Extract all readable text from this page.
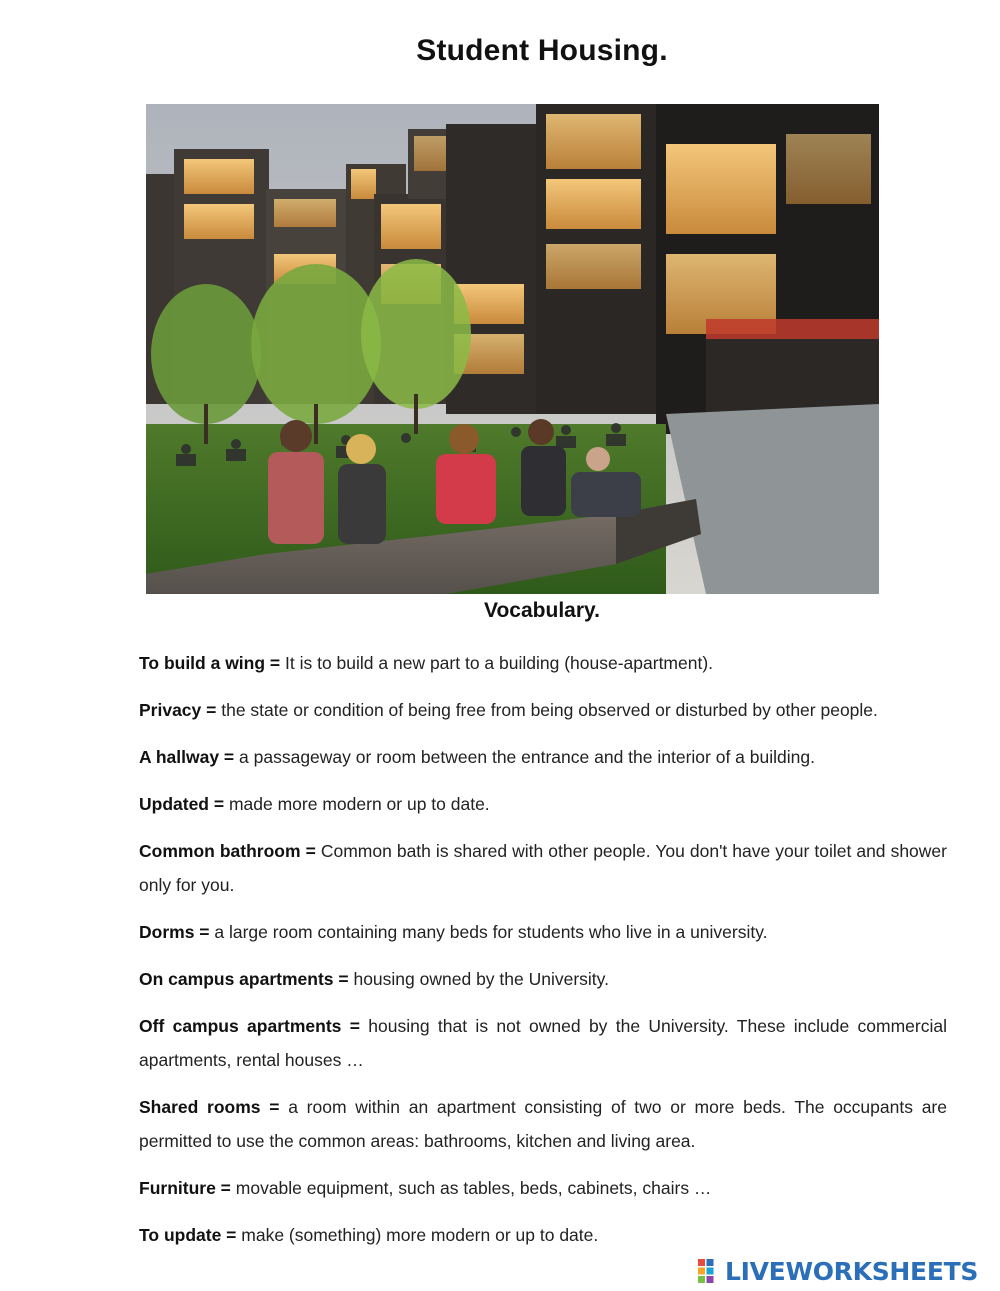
Student Housing.
Vocabulary.
To build a wing = It is to build a new part to a building (house-apartment).
Privacy = the state or condition of being free from being observed or disturbed by other people.
A hallway = a passageway or room between the entrance and the interior of a building.
Updated = made more modern or up to date.
Common bathroom = Common bath is shared with other people. You don't have your toilet and shower only for you.
Dorms = a large room containing many beds for students who live in a university.
On campus apartments = housing owned by the University.
Off campus apartments = housing that is not owned by the University. These include commercial apartments, rental houses …
Shared rooms = a room within an apartment consisting of two or more beds. The occupants are permitted to use the common areas: bathrooms, kitchen and living area.
Furniture = movable equipment, such as tables, beds, cabinets, chairs …
To update = make (something) more modern or up to date.
LIVEWORKSHEETS
